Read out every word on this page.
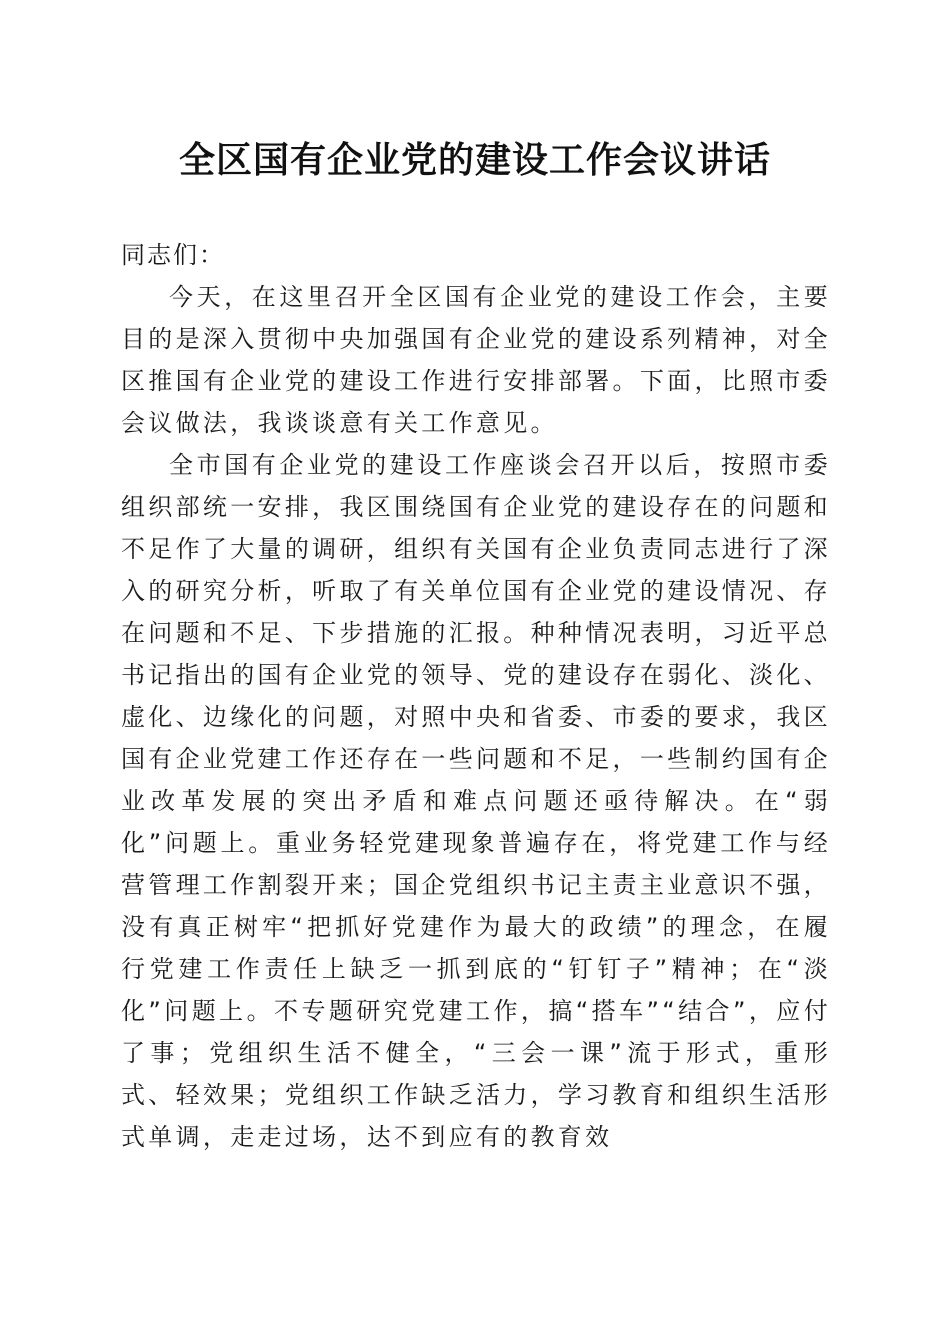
全区国有企业党的建设工作会议讲话

同志们：

今天，在这里召开全区国有企业党的建设工作会，主要目的是深入贯彻中央加强国有企业党的建设系列精神，对全区推国有企业党的建设工作进行安排部署。下面，比照市委会议做法，我谈谈意有关工作意见。

全市国有企业党的建设工作座谈会召开以后，按照市委组织部统一安排，我区围绕国有企业党的建设存在的问题和不足作了大量的调研，组织有关国有企业负责同志进行了深入的研究分析，听取了有关单位国有企业党的建设情况、存在问题和不足、下步措施的汇报。种种情况表明，习近平总书记指出的国有企业党的领导、党的建设存在弱化、淡化、虚化、边缘化的问题，对照中央和省委、市委的要求，我区国有企业党建工作还存在一些问题和不足，一些制约国有企业改革发展的突出矛盾和难点问题还亟待解决。在“弱化”问题上。重业务轻党建现象普遍存在，将党建工作与经营管理工作割裂开来；国企党组织书记主责主业意识不强，没有真正树牢“把抓好党建作为最大的政绩”的理念，在履行党建工作责任上缺乏一抓到底的“钉钉子”精神；在“淡化”问题上。不专题研究党建工作，搞“搭车”“结合”，应付了事；党组织生活不健全，“三会一课”流于形式，重形式、轻效果；党组织工作缺乏活力，学习教育和组织生活形式单调，走走过场，达不到应有的教育效
